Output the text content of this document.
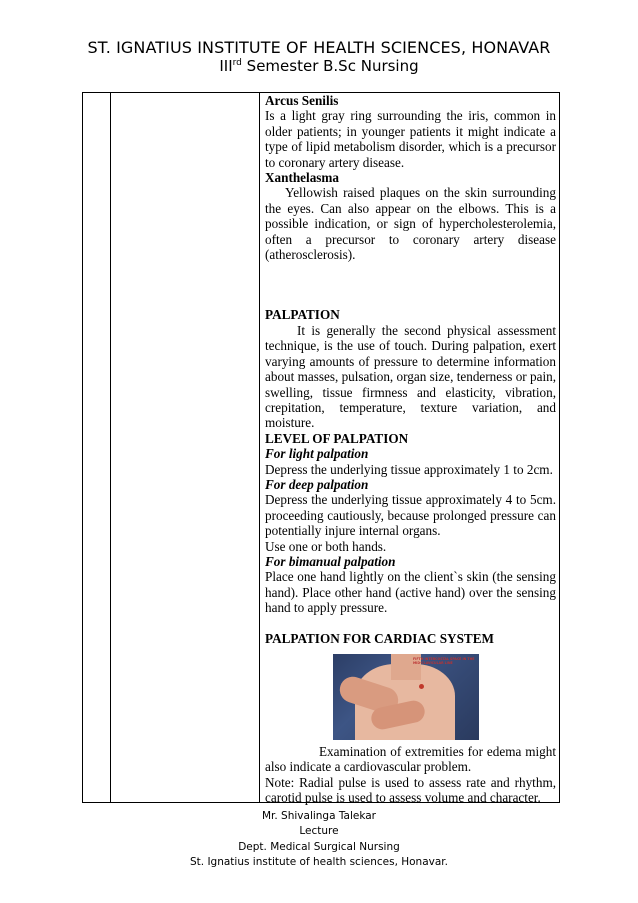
ST. IGNATIUS INSTITUTE OF HEALTH SCIENCES, HONAVAR
IIIrd Semester B.Sc Nursing

Arcus Senilis

Is a light gray ring surrounding the iris, common in older patients; in younger patients it might indicate a type of lipid metabolism disorder, which is a precursor to coronary artery disease.

Xanthelasma

Yellowish raised plaques on the skin surrounding the eyes. Can also appear on the elbows. This is a possible indication, or sign of hypercholesterolemia, often a precursor to coronary artery disease (atherosclerosis).

PALPATION

It is generally the second physical assessment technique, is the use of touch. During palpation, exert varying amounts of pressure to determine information about masses, pulsation, organ size, tenderness or pain, swelling, tissue firmness and elasticity, vibration, crepitation, temperature, texture variation, and moisture.

LEVEL OF PALPATION

For light palpation

Depress the underlying tissue approximately 1 to 2cm.

For deep palpation

Depress the underlying tissue approximately 4 to 5cm. proceeding cautiously, because prolonged pressure can potentially injure internal organs.

Use one or both hands.

For bimanual palpation

Place one hand lightly on the client`s skin (the sensing hand). Place other hand (active hand) over the sensing hand to apply pressure.

PALPATION FOR CARDIAC SYSTEM

FIFTH INTERCOSTAL SPACE IN THE MID-CLAVICULAR LINE

Examination of extremities for edema might also indicate a cardiovascular problem.

Note: Radial pulse is used to assess rate and rhythm, carotid pulse is used to assess volume and character.

Mr. Shivalinga Talekar
Lecture
Dept. Medical Surgical Nursing
St. Ignatius institute of health sciences, Honavar.
